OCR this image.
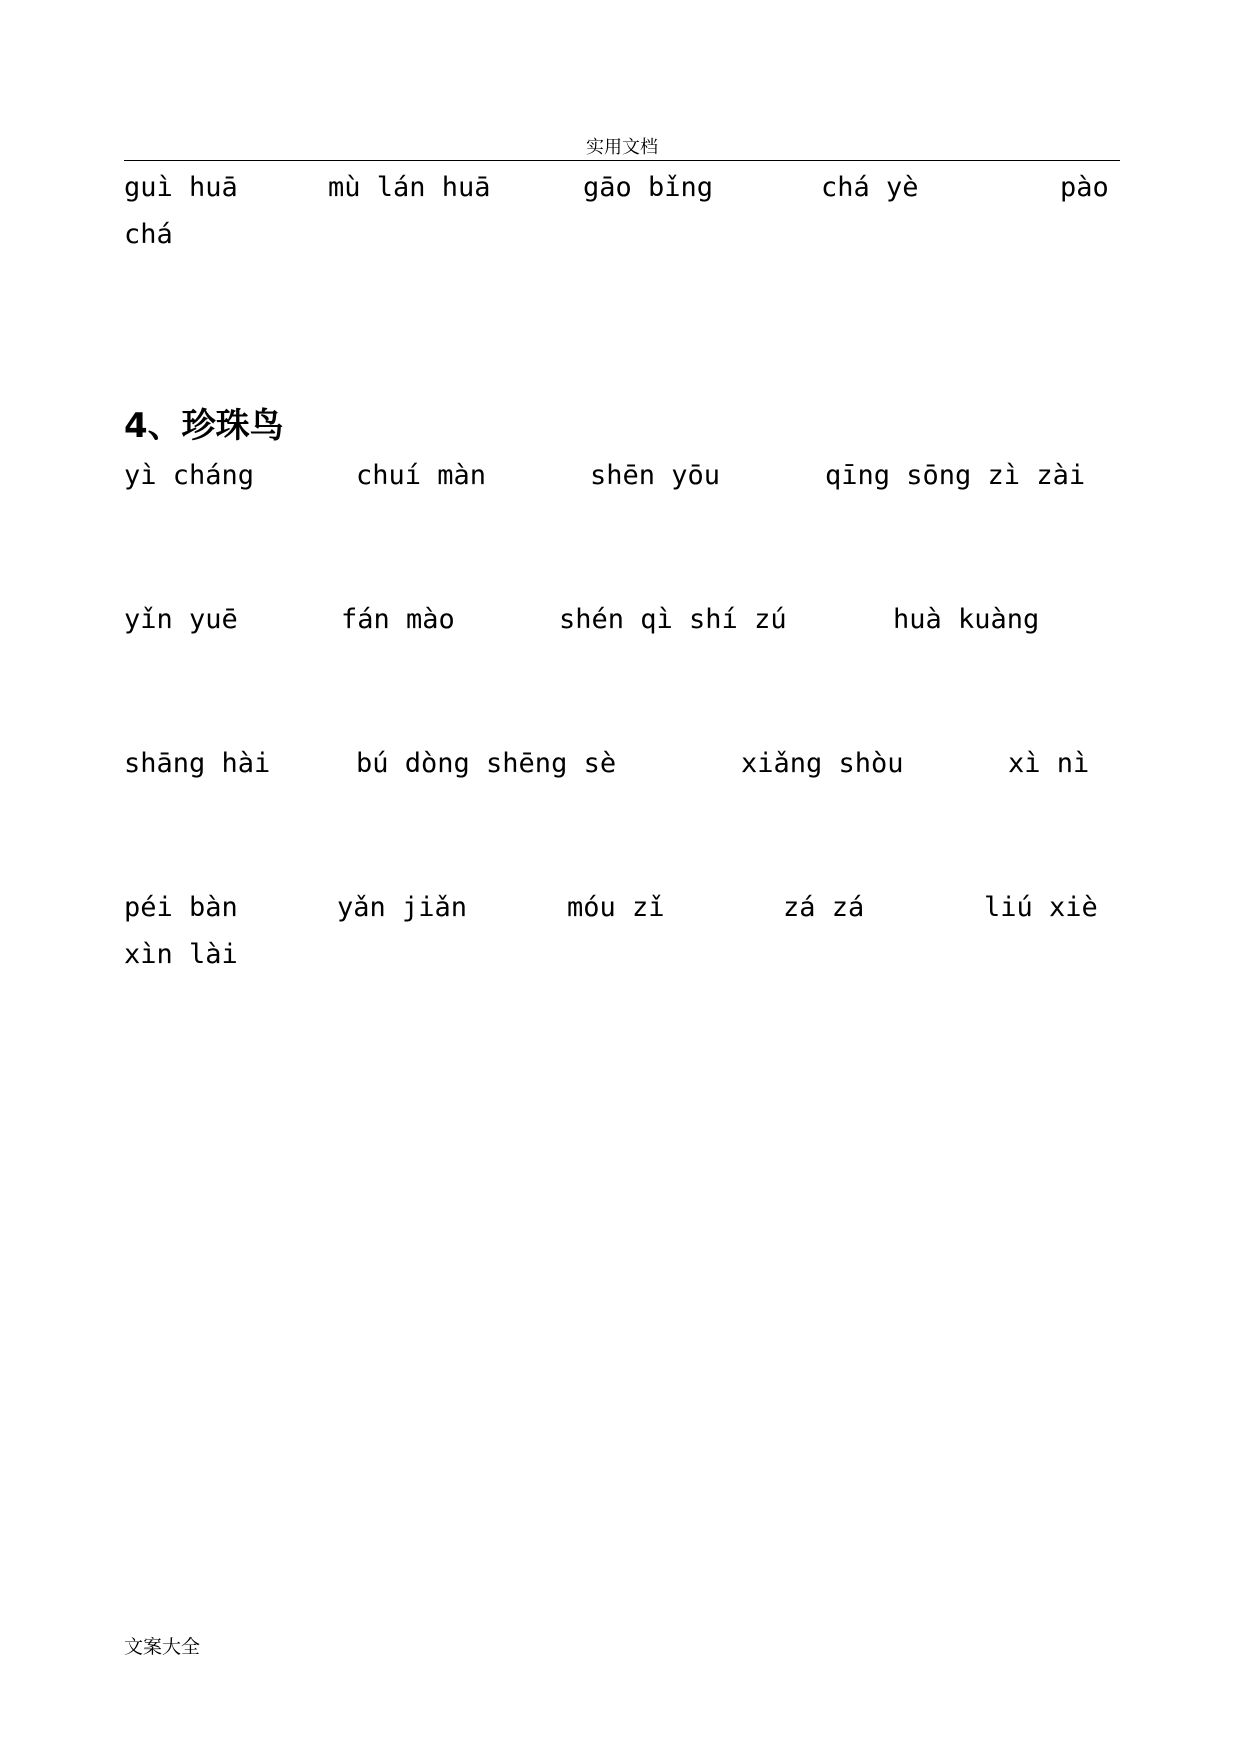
实用文档
guì huā	mù lán huā	gāo bǐng	chá yè	pào
chá
4、珍珠鸟
yì cháng	chuí màn	shēn yōu	qīng sōng zì zài
yǐn yuē	fán mào	shén qì shí zú	huà kuàng
shāng hài	bú dòng shēng sè	xiǎng shòu	xì nì
péi bàn	yǎn jiǎn	móu zǐ	zá zá	liú xiè
xìn lài
文案大全
